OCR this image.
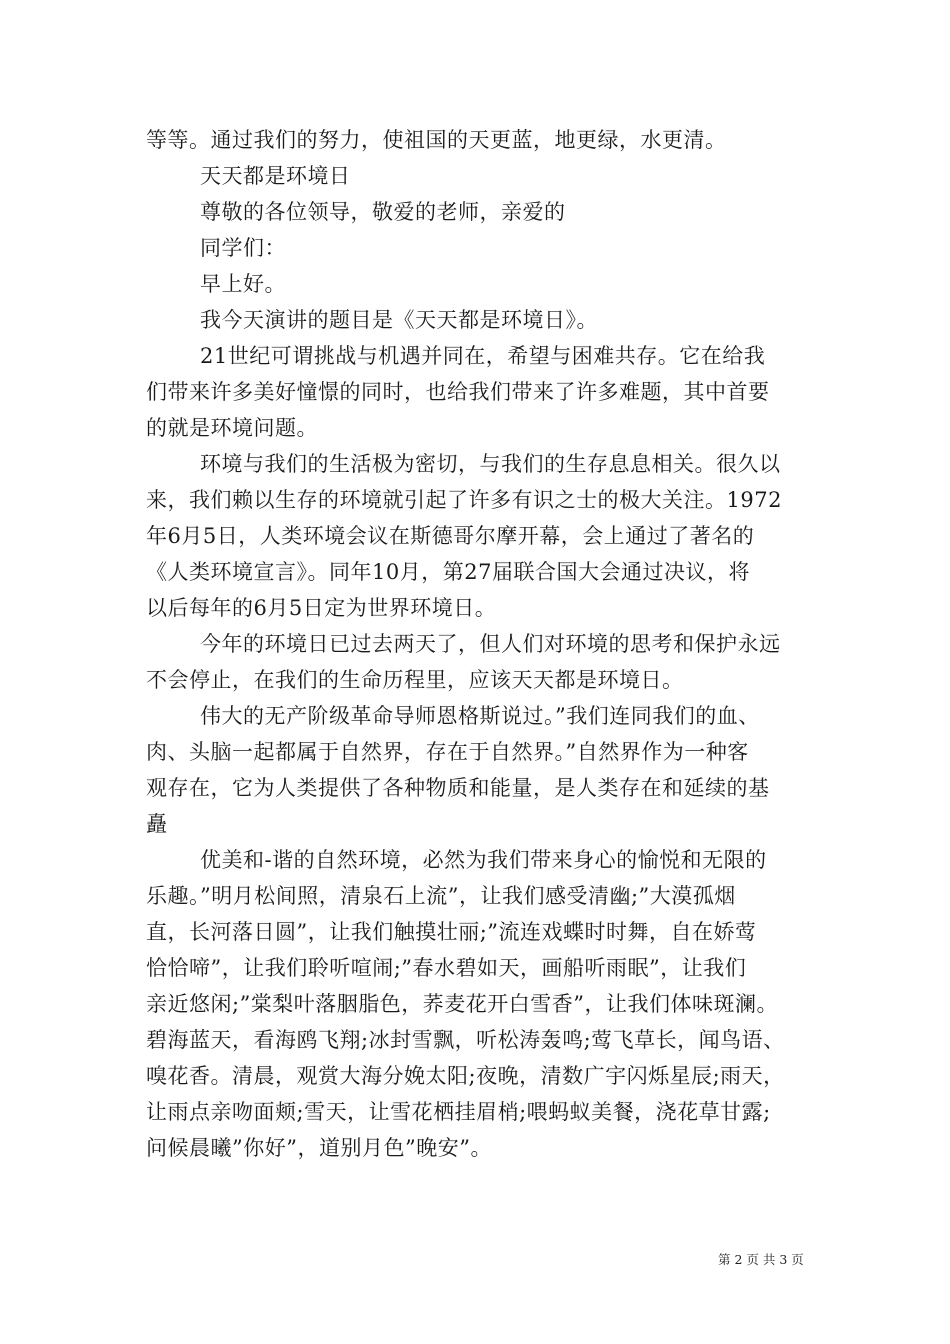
等等。通过我们的努力，使祖国的天更蓝，地更绿，水更清。
天天都是环境日
尊敬的各位领导，敬爱的老师，亲爱的
同学们：
早上好。
我今天演讲的题目是《天天都是环境日》。
21世纪可谓挑战与机遇并同在，希望与困难共存。它在给我
们带来许多美好憧憬的同时，也给我们带来了许多难题，其中首要
的就是环境问题。
环境与我们的生活极为密切，与我们的生存息息相关。很久以
来，我们赖以生存的环境就引起了许多有识之士的极大关注。1972
年6月5日，人类环境会议在斯德哥尔摩开幕，会上通过了著名的
《人类环境宣言》。同年10月，第27届联合国大会通过决议，将
以后每年的6月5日定为世界环境日。
今年的环境日已过去两天了，但人们对环境的思考和保护永远
不会停止，在我们的生命历程里，应该天天都是环境日。
伟大的无产阶级革命导师恩格斯说过。”我们连同我们的血、
肉、头脑一起都属于自然界，存在于自然界。”自然界作为一种客
观存在，它为人类提供了各种物质和能量，是人类存在和延续的基
矗
优美和-谐的自然环境，必然为我们带来身心的愉悦和无限的
乐趣。”明月松间照，清泉石上流”，让我们感受清幽;”大漠孤烟
直，长河落日圆”，让我们触摸壮丽;”流连戏蝶时时舞，自在娇莺
恰恰啼”，让我们聆听喧闹;”春水碧如天，画船听雨眠”，让我们
亲近悠闲;”棠梨叶落胭脂色，荞麦花开白雪香”，让我们体味斑澜。
碧海蓝天，看海鸥飞翔;冰封雪飘，听松涛轰鸣;莺飞草长，闻鸟语、
嗅花香。清晨，观赏大海分娩太阳;夜晚，清数广宇闪烁星辰;雨天，
让雨点亲吻面颊;雪天，让雪花栖挂眉梢;喂蚂蚁美餐，浇花草甘露;
问候晨曦”你好”，道别月色”晚安”。
第 2 页 共 3 页
